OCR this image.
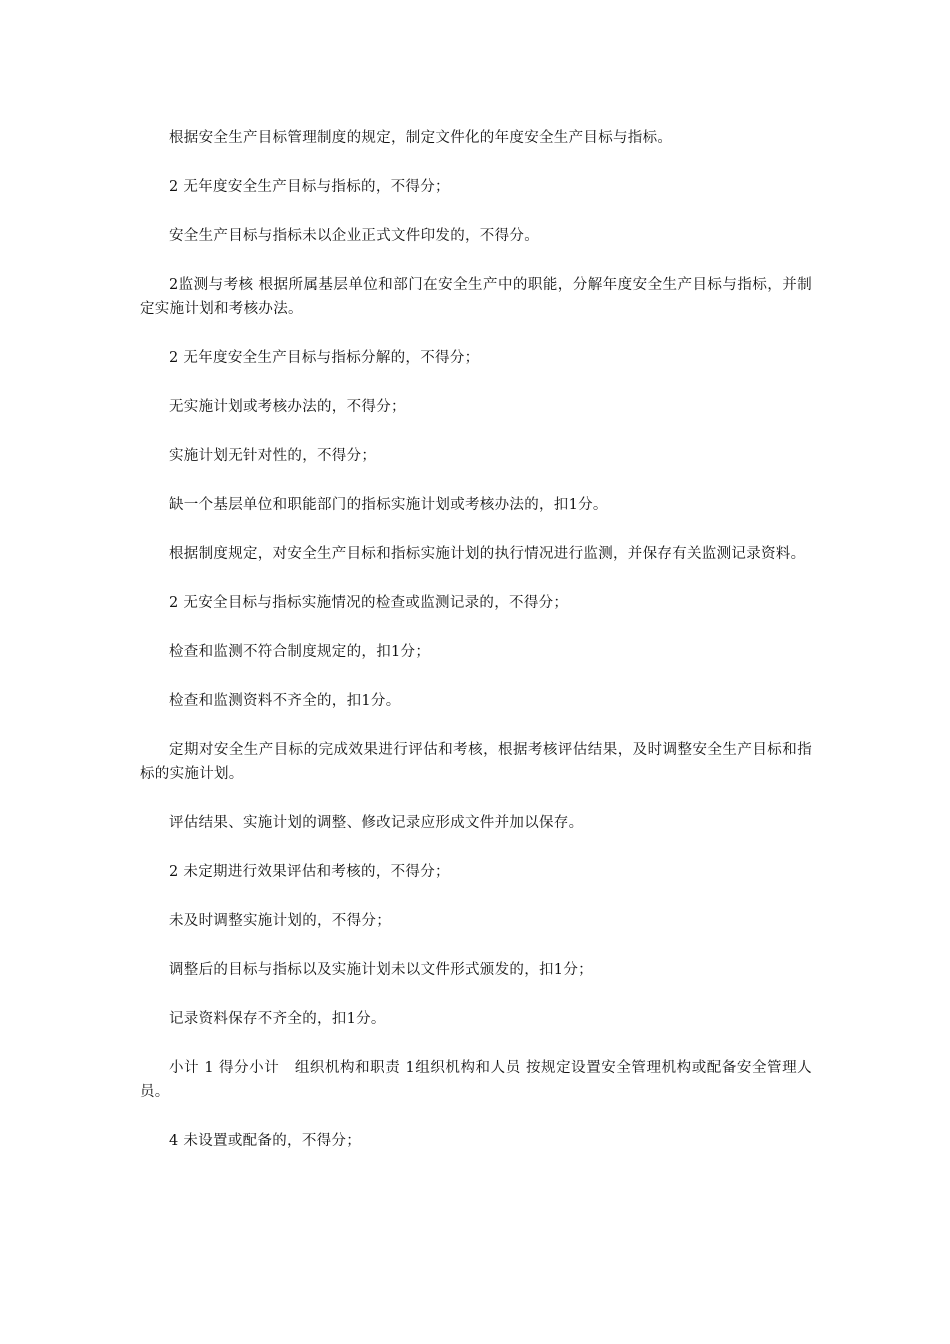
根据安全生产目标管理制度的规定，制定文件化的年度安全生产目标与指标。

2 无年度安全生产目标与指标的，不得分；

安全生产目标与指标未以企业正式文件印发的，不得分。

2监测与考核 根据所属基层单位和部门在安全生产中的职能，分解年度安全生产目标与指标，并制定实施计划和考核办法。

2 无年度安全生产目标与指标分解的，不得分；

无实施计划或考核办法的，不得分；

实施计划无针对性的，不得分；

缺一个基层单位和职能部门的指标实施计划或考核办法的，扣1分。

根据制度规定，对安全生产目标和指标实施计划的执行情况进行监测，并保存有关监测记录资料。

2 无安全目标与指标实施情况的检查或监测记录的，不得分；

检查和监测不符合制度规定的，扣1分；

检查和监测资料不齐全的，扣1分。

定期对安全生产目标的完成效果进行评估和考核，根据考核评估结果，及时调整安全生产目标和指标的实施计划。

评估结果、实施计划的调整、修改记录应形成文件并加以保存。

2 未定期进行效果评估和考核的，不得分；

未及时调整实施计划的，不得分；

调整后的目标与指标以及实施计划未以文件形式颁发的，扣1分；

记录资料保存不齐全的，扣1分。

小计 1 得分小计   组织机构和职责 1组织机构和人员 按规定设置安全管理机构或配备安全管理人员。

4 未设置或配备的，不得分；
